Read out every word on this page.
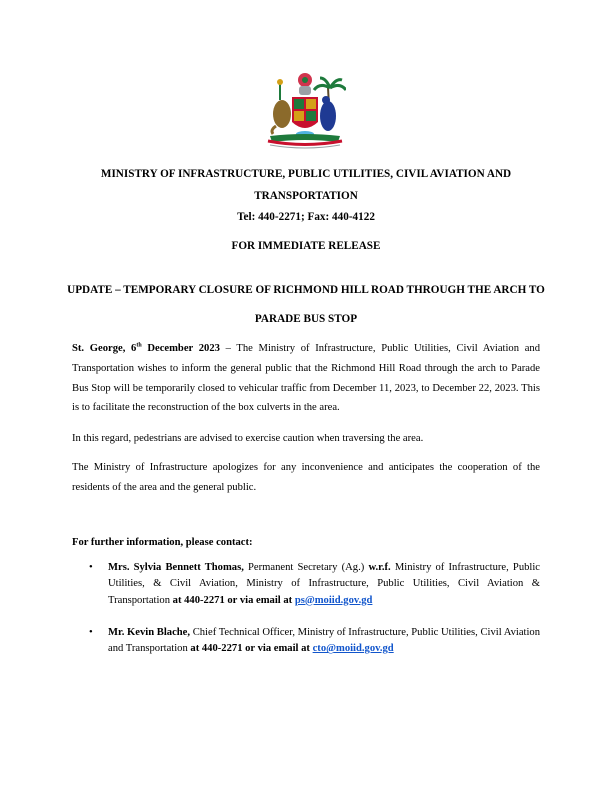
MINISTRY OF INFRASTRUCTURE, PUBLIC UTILITIES, CIVIL AVIATION AND TRANSPORTATION
Tel: 440-2271; Fax: 440-4122
FOR IMMEDIATE RELEASE
UPDATE – TEMPORARY CLOSURE OF RICHMOND HILL ROAD THROUGH THE ARCH TO PARADE BUS STOP

St. George, 6th December 2023 – The Ministry of Infrastructure, Public Utilities, Civil Aviation and Transportation wishes to inform the general public that the Richmond Hill Road through the arch to Parade Bus Stop will be temporarily closed to vehicular traffic from December 11, 2023, to December 22, 2023. This is to facilitate the reconstruction of the box culverts in the area.

In this regard, pedestrians are advised to exercise caution when traversing the area.

The Ministry of Infrastructure apologizes for any inconvenience and anticipates the cooperation of the residents of the area and the general public.

For further information, please contact:
• Mrs. Sylvia Bennett Thomas, Permanent Secretary (Ag.) w.r.f. Ministry of Infrastructure, Public Utilities, & Civil Aviation, Ministry of Infrastructure, Public Utilities, Civil Aviation & Transportation at 440-2271 or via email at ps@moiid.gov.gd
• Mr. Kevin Blache, Chief Technical Officer, Ministry of Infrastructure, Public Utilities, Civil Aviation and Transportation at 440-2271 or via email at cto@moiid.gov.gd
